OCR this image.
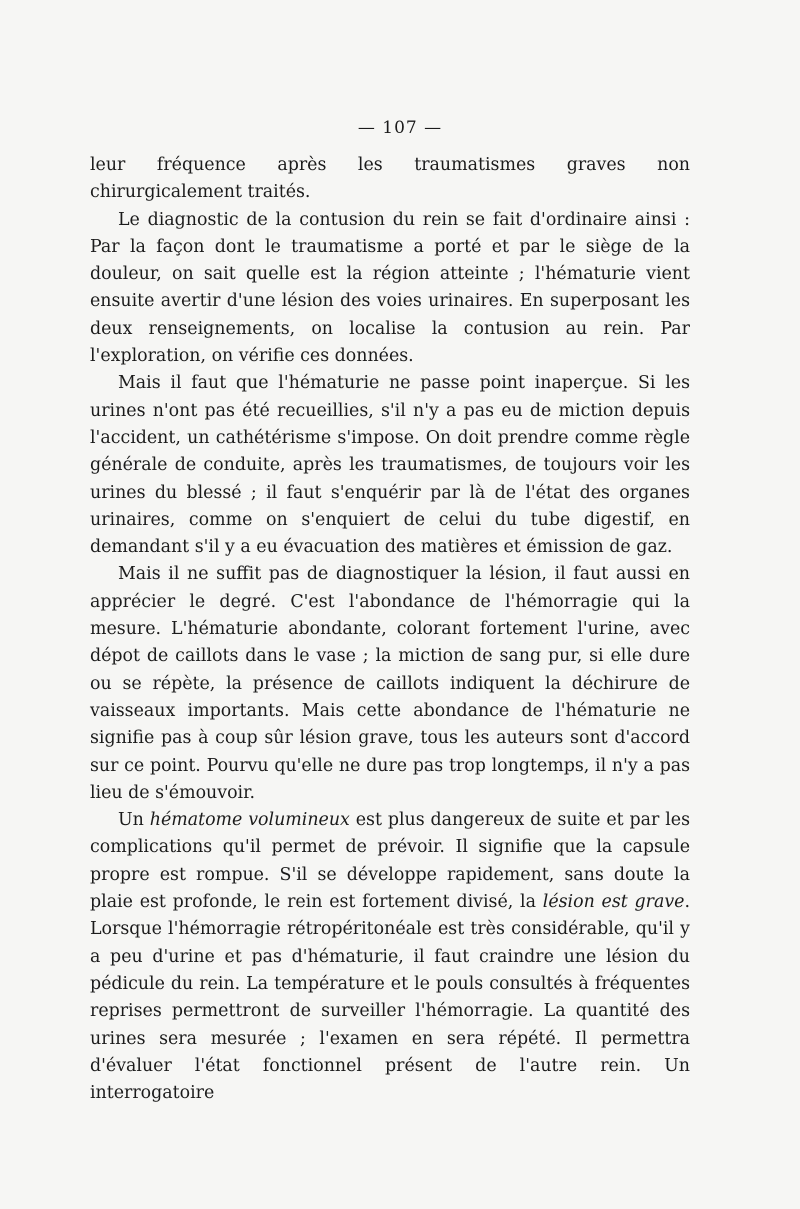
— 107 —

leur fréquence après les traumatismes graves non chirurgicalement traités.

Le diagnostic de la contusion du rein se fait d'ordinaire ainsi : Par la façon dont le traumatisme a porté et par le siège de la douleur, on sait quelle est la région atteinte ; l'hématurie vient ensuite avertir d'une lésion des voies urinaires. En superposant les deux renseignements, on localise la contusion au rein. Par l'exploration, on vérifie ces données.

Mais il faut que l'hématurie ne passe point inaperçue. Si les urines n'ont pas été recueillies, s'il n'y a pas eu de miction depuis l'accident, un cathétérisme s'impose. On doit prendre comme règle générale de conduite, après les traumatismes, de toujours voir les urines du blessé ; il faut s'enquérir par là de l'état des organes urinaires, comme on s'enquiert de celui du tube digestif, en demandant s'il y a eu évacuation des matières et émission de gaz.

Mais il ne suffit pas de diagnostiquer la lésion, il faut aussi en apprécier le degré. C'est l'abondance de l'hémorragie qui la mesure. L'hématurie abondante, colorant fortement l'urine, avec dépot de caillots dans le vase ; la miction de sang pur, si elle dure ou se répète, la présence de caillots indiquent la déchirure de vaisseaux importants. Mais cette abondance de l'hématurie ne signifie pas à coup sûr lésion grave, tous les auteurs sont d'accord sur ce point. Pourvu qu'elle ne dure pas trop longtemps, il n'y a pas lieu de s'émouvoir.

Un hématome volumineux est plus dangereux de suite et par les complications qu'il permet de prévoir. Il signifie que la capsule propre est rompue. S'il se développe rapidement, sans doute la plaie est profonde, le rein est fortement divisé, la lésion est grave. Lorsque l'hémorragie rétropéritonéale est très considérable, qu'il y a peu d'urine et pas d'hématurie, il faut craindre une lésion du pédicule du rein. La température et le pouls consultés à fréquentes reprises permettront de surveiller l'hémorragie. La quantité des urines sera mesurée ; l'examen en sera répété. Il permettra d'évaluer l'état fonctionnel présent de l'autre rein. Un interrogatoire
